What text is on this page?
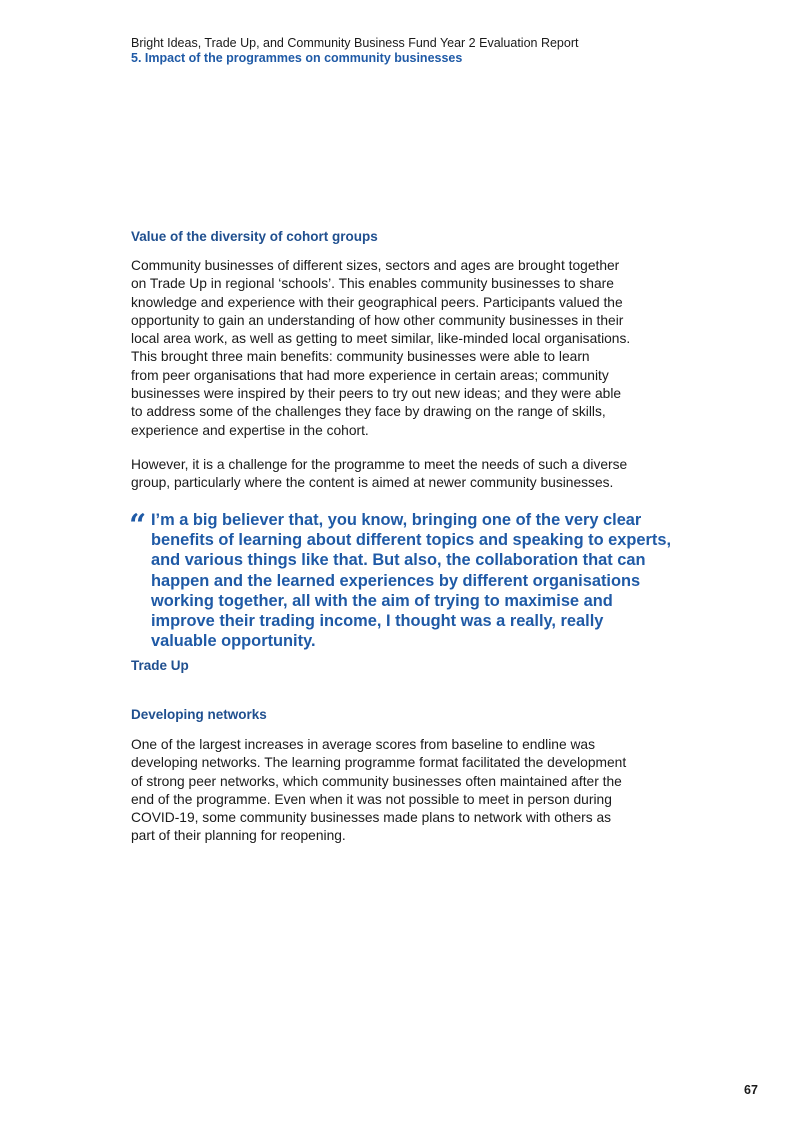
Bright Ideas, Trade Up, and Community Business Fund Year 2 Evaluation Report
5. Impact of the programmes on community businesses
Value of the diversity of cohort groups
Community businesses of different sizes, sectors and ages are brought together
on Trade Up in regional ‘schools’. This enables community businesses to share
knowledge and experience with their geographical peers. Participants valued the
opportunity to gain an understanding of how other community businesses in their
local area work, as well as getting to meet similar, like-minded local organisations.
This brought three main benefits: community businesses were able to learn
from peer organisations that had more experience in certain areas; community
businesses were inspired by their peers to try out new ideas; and they were able
to address some of the challenges they face by drawing on the range of skills,
experience and expertise in the cohort.
However, it is a challenge for the programme to meet the needs of such a diverse
group, particularly where the content is aimed at newer community businesses.
“ I’m a big believer that, you know, bringing one of the very clear
benefits of learning about different topics and speaking to experts,
and various things like that. But also, the collaboration that can
happen and the learned experiences by different organisations
working together, all with the aim of trying to maximise and
improve their trading income, I thought was a really, really
valuable opportunity.
Trade Up
Developing networks
One of the largest increases in average scores from baseline to endline was
developing networks. The learning programme format facilitated the development
of strong peer networks, which community businesses often maintained after the
end of the programme. Even when it was not possible to meet in person during
COVID-19, some community businesses made plans to network with others as
part of their planning for reopening.
67
